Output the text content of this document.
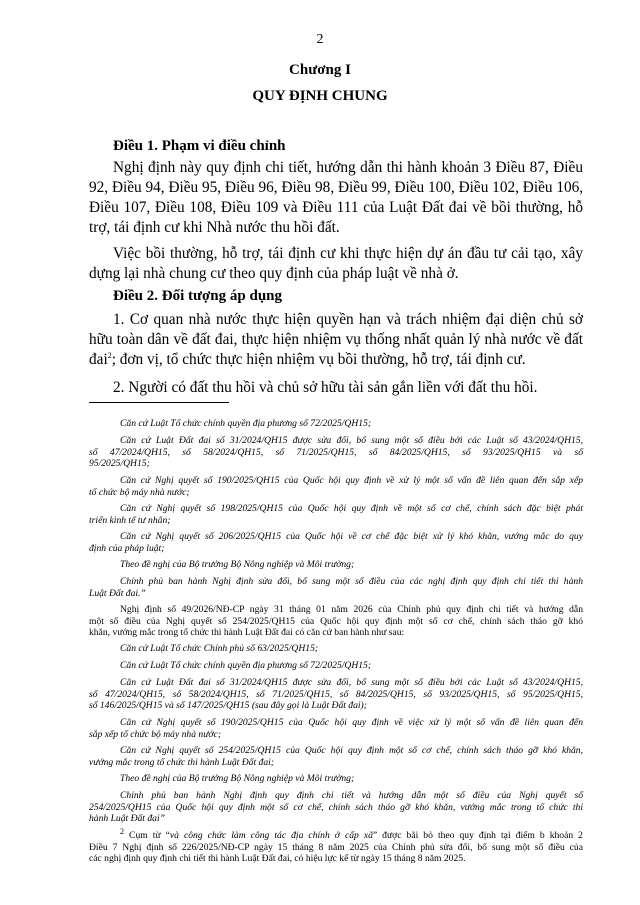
2
Chương I
QUY ĐỊNH CHUNG
Điều 1. Phạm vi điều chỉnh
Nghị định này quy định chi tiết, hướng dẫn thi hành khoản 3 Điều 87, Điều
92, Điều 94, Điều 95, Điều 96, Điều 98, Điều 99, Điều 100, Điều 102, Điều 106,
Điều 107, Điều 108, Điều 109 và Điều 111 của Luật Đất đai về bồi thường, hỗ
trợ, tái định cư khi Nhà nước thu hồi đất.
Việc bồi thường, hỗ trợ, tái định cư khi thực hiện dự án đầu tư cải tạo, xây
dựng lại nhà chung cư theo quy định của pháp luật về nhà ở.
Điều 2. Đối tượng áp dụng
1. Cơ quan nhà nước thực hiện quyền hạn và trách nhiệm đại diện chủ sở
hữu toàn dân về đất đai, thực hiện nhiệm vụ thống nhất quản lý nhà nước về đất
đai$^2$; đơn vị, tổ chức thực hiện nhiệm vụ bồi thường, hỗ trợ, tái định cư.
2. Người có đất thu hồi và chủ sở hữu tài sản gắn liền với đất thu hồi.
Căn cứ Luật Tổ chức chính quyền địa phương số 72/2025/QH15;
Căn cứ Luật Đất đai số 31/2024/QH15 được sửa đổi, bổ sung một số điều bởi các Luật số 43/2024/QH15,
số 47/2024/QH15, số 58/2024/QH15, số 71/2025/QH15, số 84/2025/QH15, số 93/2025/QH15 và số
95/2025/QH15;
Căn cứ Nghị quyết số 190/2025/QH15 của Quốc hội quy định về xử lý một số vấn đề liên quan đến sắp xếp
tổ chức bộ máy nhà nước;
Căn cứ Nghị quyết số 198/2025/QH15 của Quốc hội quy định về một số cơ chế, chính sách đặc biệt phát
triển kinh tế tư nhân;
Căn cứ Nghị quyết số 206/2025/QH15 của Quốc hội về cơ chế đặc biệt xử lý khó khăn, vướng mắc do quy
định của pháp luật;
Theo đề nghị của Bộ trưởng Bộ Nông nghiệp và Môi trường;
Chính phủ ban hành Nghị định sửa đổi, bổ sung một số điều của các nghị định quy định chi tiết thi hành
Luật Đất đai.”
Nghị định số 49/2026/NĐ-CP ngày 31 tháng 01 năm 2026 của Chính phủ quy định chi tiết và hướng dẫn
một số điều của Nghị quyết số 254/2025/QH15 của Quốc hội quy định một số cơ chế, chính sách tháo gỡ khó
khăn, vướng mắc trong tổ chức thi hành Luật Đất đai có căn cứ ban hành như sau:
Căn cứ Luật Tổ chức Chính phủ số 63/2025/QH15;
Căn cứ Luật Tổ chức chính quyền địa phương số 72/2025/QH15;
Căn cứ Luật Đất đai số 31/2024/QH15 được sửa đổi, bổ sung một số điều bởi các Luật số 43/2024/QH15,
số 47/2024/QH15, số 58/2024/QH15, số 71/2025/QH15, số 84/2025/QH15, số 93/2025/QH15, số 95/2025/QH15,
số 146/2025/QH15 và số 147/2025/QH15 (sau đây gọi là Luật Đất đai);
Căn cứ Nghị quyết số 190/2025/QH15 của Quốc hội quy định về việc xử lý một số vấn đề liên quan đến
sắp xếp tổ chức bộ máy nhà nước;
Căn cứ Nghị quyết số 254/2025/QH15 của Quốc hội quy định một số cơ chế, chính sách tháo gỡ khó khăn,
vướng mắc trong tổ chức thi hành Luật Đất đai;
Theo đề nghị của Bộ trưởng Bộ Nông nghiệp và Môi trường;
Chính phủ ban hành Nghị định quy định chi tiết và hướng dẫn một số điều của Nghị quyết số
254/2025/QH15 của Quốc hội quy định một số cơ chế, chính sách tháo gỡ khó khăn, vướng mắc trong tổ chức thi
hành Luật Đất đai”
$^2$ Cụm từ “và công chức làm công tác địa chính ở cấp xã” được bãi bỏ theo quy định tại điểm b khoản 2
Điều 7 Nghị định số 226/2025/NĐ-CP ngày 15 tháng 8 năm 2025 của Chính phủ sửa đổi, bổ sung một số điều của
các nghị định quy định chi tiết thi hành Luật Đất đai, có hiệu lực kể từ ngày 15 tháng 8 năm 2025.
